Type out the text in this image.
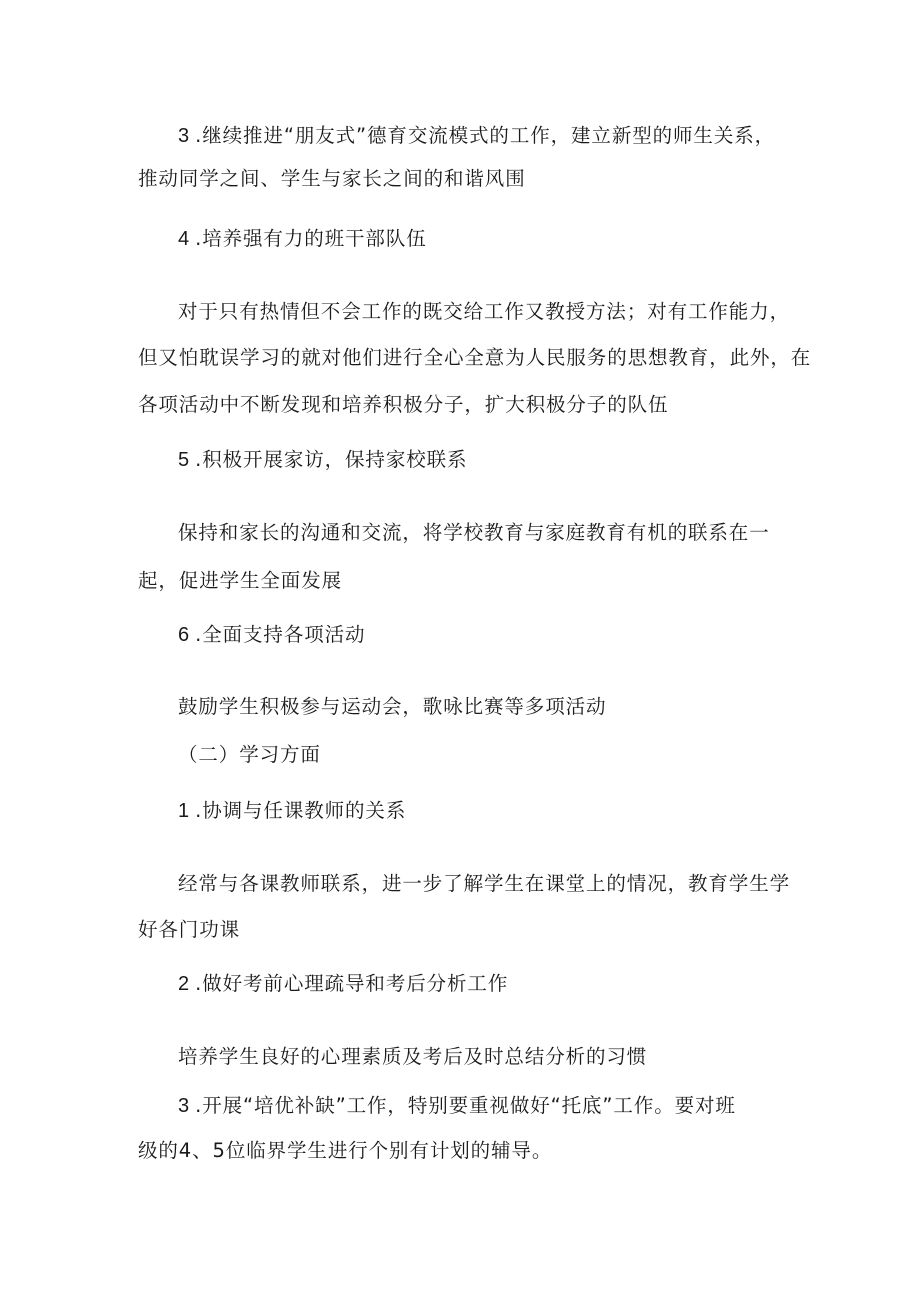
3 .继续推进“朋友式”德育交流模式的工作，建立新型的师生关系，
推动同学之间、学生与家长之间的和谐风围
4 .培养强有力的班干部队伍
对于只有热情但不会工作的既交给工作又教授方法；对有工作能力，
但又怕耽误学习的就对他们进行全心全意为人民服务的思想教育，此外，在
各项活动中不断发现和培养积极分子，扩大积极分子的队伍
5 .积极开展家访，保持家校联系
保持和家长的沟通和交流，将学校教育与家庭教育有机的联系在一
起，促进学生全面发展
6 .全面支持各项活动
鼓励学生积极参与运动会，歌咏比赛等多项活动
（二）学习方面
1 .协调与任课教师的关系
经常与各课教师联系，进一步了解学生在课堂上的情况，教育学生学
好各门功课
2 .做好考前心理疏导和考后分析工作
培养学生良好的心理素质及考后及时总结分析的习惯
3 .开展“培优补缺”工作，特别要重视做好“托底”工作。要对班
级的4、5位临界学生进行个别有计划的辅导。
